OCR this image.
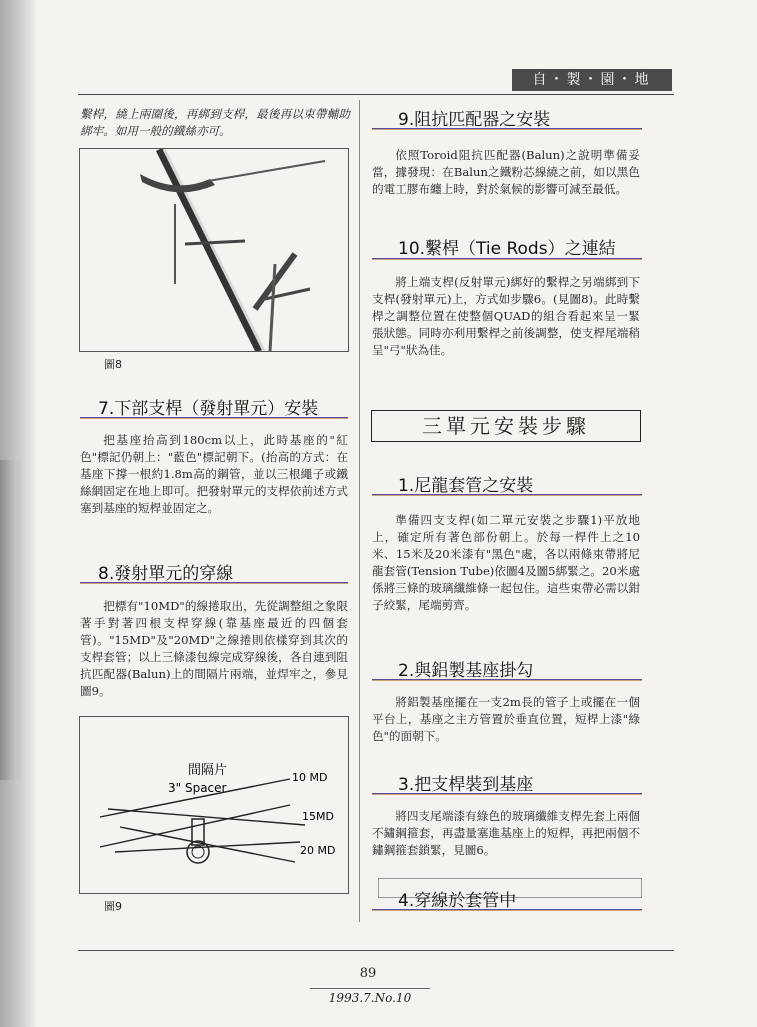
自・製・園・地

繫桿，繞上兩圈後，再綁到支桿，最後再以束帶輔助綁牢。如用一般的鐵絲亦可。

圖8
7.下部支桿（發射單元）安裝

把基座抬高到180cm以上，此時基座的"紅色"標記仍朝上："藍色"標記朝下。(抬高的方式：在基座下撐一根約1.8m高的鋼管，並以三根繩子或鐵絲網固定在地上即可。把發射單元的支桿依前述方式塞到基座的短桿並固定之。

8.發射單元的穿線

把標有"10MD"的線捲取出，先從調整組之象限著手對著四根支桿穿線(靠基座最近的四個套管)。"15MD"及"20MD"之線捲則依樣穿到其次的支桿套管；以上三條漆包線完成穿線後，各自連到阻抗匹配器(Balun)上的間隔片兩端，並焊牢之，參見圖9。

間隔片
3" Spacer
10 MD
15MD
20 MD
圖9
9.阻抗匹配器之安裝

依照Toroid阻抗匹配器(Balun)之說明準備妥當，據發現：在Balun之鐵粉芯線繞之前，如以黑色的電工膠布纏上時，對於氣候的影響可減至最低。

10.繫桿（Tie Rods）之連結

將上端支桿(反射單元)綁好的繫桿之另端綁到下支桿(發射單元)上，方式如步驟6。(見圖8)。此時繫桿之調整位置在使整個QUAD的組合看起來呈一緊張狀態。同時亦利用繫桿之前後調整，使支桿尾端稍呈"弓"狀為佳。

三單元安裝步驟
1.尼龍套管之安裝

準備四支支桿(如二單元安裝之步驟1)平放地上，確定所有著色部份朝上。於每一桿件上之10米、15米及20米漆有"黑色"處，各以兩條束帶將尼龍套管(Tension Tube)依圖4及圖5綁緊之。20米處係將三條的玻璃纖維條一起包住。這些束帶必需以鉗子絞緊，尾端剪齊。

2.與鋁製基座掛勾

將鋁製基座擺在一支2m長的管子上或擺在一個平台上，基座之主方管置於垂直位置，短桿上漆"綠色"的面朝下。

3.把支桿裝到基座

將四支尾端漆有綠色的玻璃纖維支桿先套上兩個不鏽鋼箍套，再盡量塞進基座上的短桿，再把兩個不鏽鋼箍套鎖緊，見圖6。

4.穿線於套管中
89
1993.7.No.10
